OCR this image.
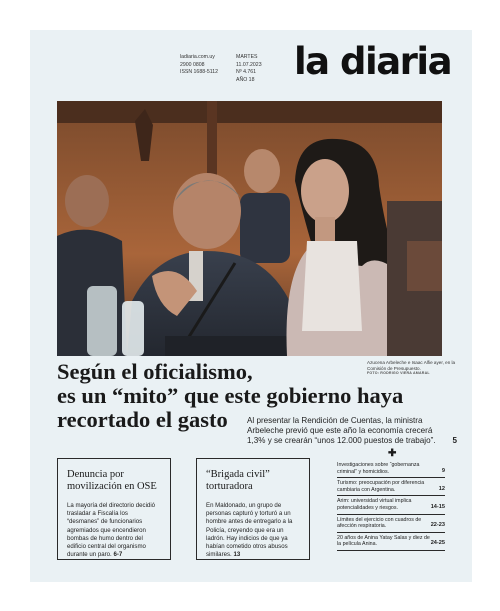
ladiaria.com.uy
2900 0808
ISSN 1688-5112
MARTES
11.07.2023
Nº 4.761
AÑO 18 la diaria
Azucena Arbeleche e Isaac Alfie ayer, en la Comisión de Presupuesto.
FOTO: RODRIGO VIERA AMARAL
Según el oficialismo,
es un “mito” que este gobierno haya
recortado el gasto	Al presentar la Rendición de Cuentas, la ministra Arbeleche previó que este año la economía crecerá 1,3% y se crearán “unos 12.000 puestos de trabajo”. 5
Denuncia por movilización en OSE
La mayoría del directorio decidió trasladar a Fiscalía los “desmanes” de funcionarios agremiados que encendieron bombas de humo dentro del edificio central del organismo durante un paro. 6-7
“Brigada civil” torturadora
En Maldonado, un grupo de personas capturó y torturó a un hombre antes de entregarlo a la Policía, creyendo que era un ladrón. Hay indicios de que ya habían cometido otros abusos similares. 13
✚
Investigaciones sobre “gobernanza criminal” y homicidios.	9
Turismo: preocupación por diferencia cambiaria con Argentina.	12
Arim: universidad virtual implica potencialidades y riesgos.	14-15
Límites del ejercicio con cuadros de afección respiratoria.	22-23
20 años de Anina Yatay Salas y diez de la película Anina.	24-25
